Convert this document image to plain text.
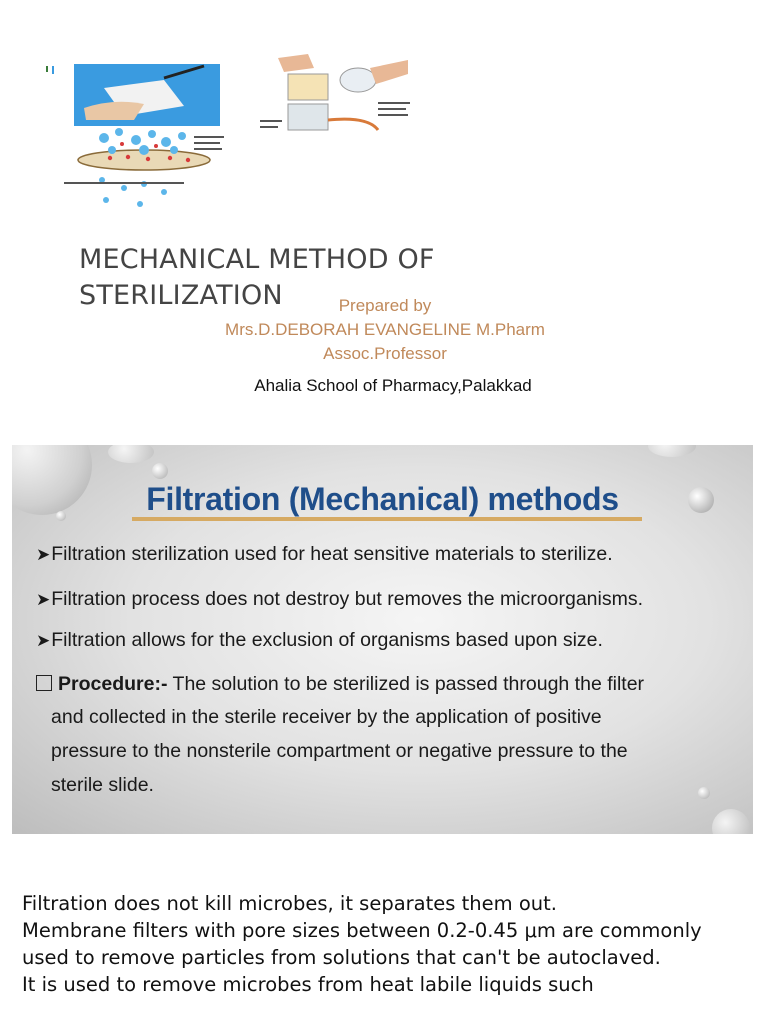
MECHANICAL METHOD OF STERILIZATION	Prepared by
Mrs.D.DEBORAH EVANGELINE M.Pharm
Assoc.Professor
Ahalia School of Pharmacy,Palakkad
Filtration (Mechanical) methods
➤Filtration sterilization used for heat sensitive materials to sterilize.
➤Filtration process does not destroy but removes the microorganisms.
➤Filtration allows for the exclusion of organisms based upon size.
Procedure:- The solution to be sterilized is passed through the filter
and collected in the sterile receiver by the application of positive
pressure to the nonsterile compartment or negative pressure to the
sterile slide.

Filtration does not kill microbes, it separates them out.

Membrane filters with pore sizes between 0.2-0.45 μm are commonly used to remove particles from solutions that can't be autoclaved.

It is used to remove microbes from heat labile liquids such
